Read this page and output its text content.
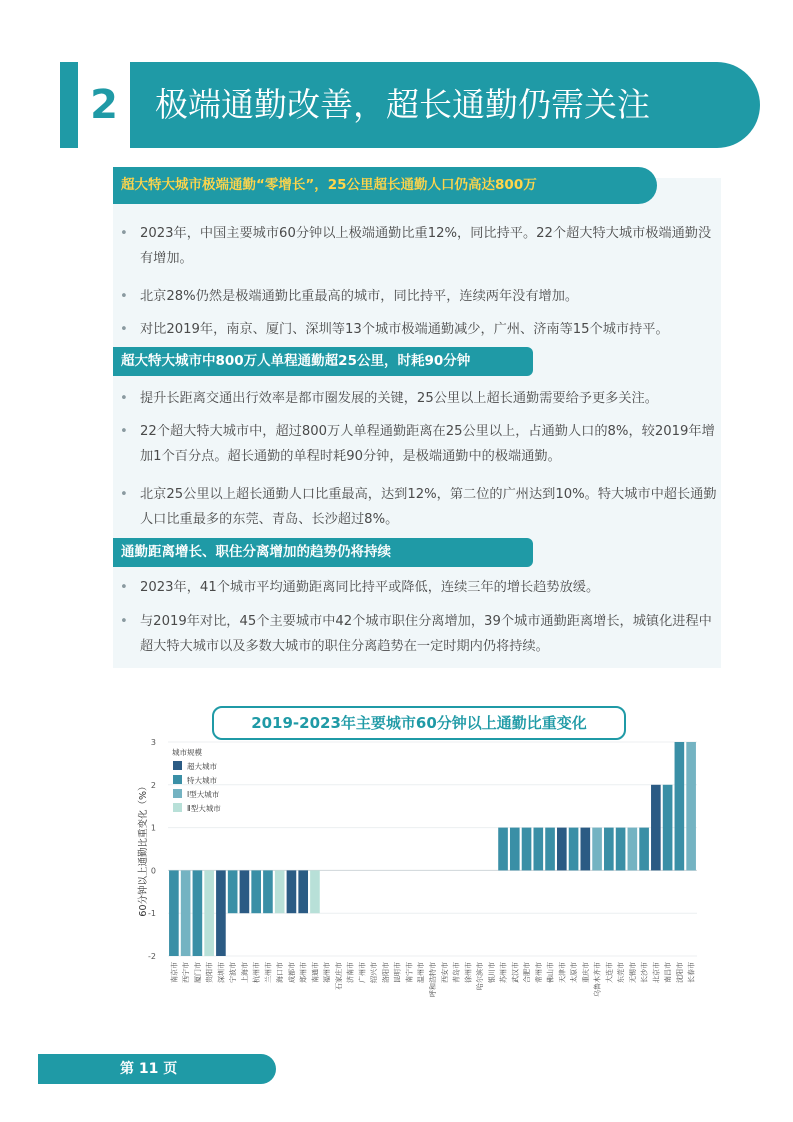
2	极端通勤改善，超长通勤仍需关注
超大特大城市极端通勤“零增长”，25公里超长通勤人口仍高达800万
• 2023年，中国主要城市60分钟以上极端通勤比重12%，同比持平。22个超大特大城市极端通勤没有增加。
• 北京28%仍然是极端通勤比重最高的城市，同比持平，连续两年没有增加。
• 对比2019年，南京、厦门、深圳等13个城市极端通勤减少，广州、济南等15个城市持平。
超大特大城市中800万人单程通勤超25公里，时耗90分钟
• 提升长距离交通出行效率是都市圈发展的关键，25公里以上超长通勤需要给予更多关注。
• 22个超大特大城市中，超过800万人单程通勤距离在25公里以上，占通勤人口的8%，较2019年增加1个百分点。超长通勤的单程时耗90分钟，是极端通勤中的极端通勤。
• 北京25公里以上超长通勤人口比重最高，达到12%，第二位的广州达到10%。特大城市中超长通勤人口比重最多的东莞、青岛、长沙超过8%。
通勤距离增长、职住分离增加的趋势仍将持续
• 2023年，41个城市平均通勤距离同比持平或降低，连续三年的增长趋势放缓。
• 与2019年对比，45个主要城市中42个城市职住分离增加，39个城市通勤距离增长，城镇化进程中超大特大城市以及多数大城市的职住分离趋势在一定时期内仍将持续。
-2
-1
0
1
2
3
60分钟以上通勤比重变化（%）
南京市 西宁市 厦门市 贵阳市 深圳市 宁波市 上海市 杭州市 兰州市 海口市 成都市 郑州市 南通市 福州市 石家庄市 济南市 广州市 绍兴市 洛阳市 昆明市 南宁市 温州市 呼和浩特市 西安市 青岛市 徐州市 哈尔滨市 银川市 苏州市 武汉市 合肥市 常州市 佛山市 天津市 太原市 重庆市 乌鲁木齐市 大连市 东莞市 无锡市 长沙市 北京市 南昌市 沈阳市 长春市
城市规模
超大城市
特大城市
Ⅰ型大城市
Ⅱ型大城市
2019-2023年主要城市60分钟以上通勤比重变化
第 11 页
